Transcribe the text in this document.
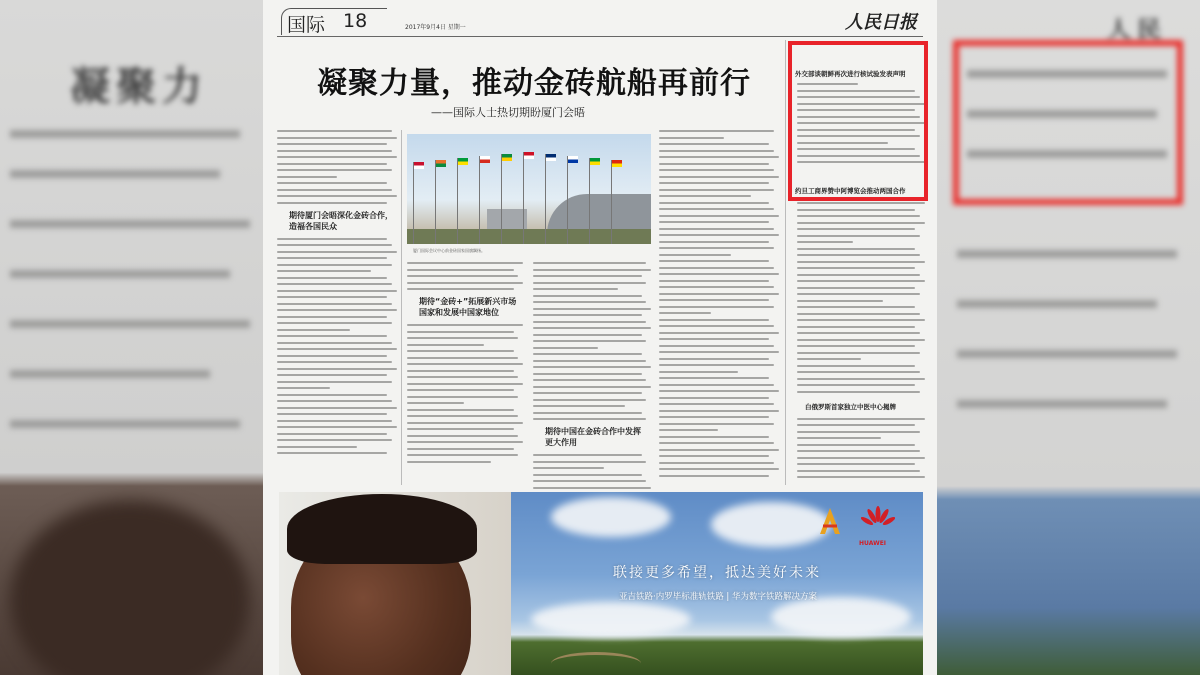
凝聚力
人民
国际 18	2017年9月4日 星期一	人民日报
凝聚力量，推动金砖航船再前行
——国际人士热切期盼厦门会晤
期待厦门会晤深化金砖合作，造福各国民众
厦门国际会议中心前金砖国家国旗飘扬。
期待“金砖+”拓展新兴市场国家和发展中国家地位
期待中国在金砖合作中发挥更大作用
外交部谈朝鲜再次进行核试验发表声明
约旦工商界赞中阿博览会推动两国合作
白俄罗斯首家独立中医中心揭牌
HUAWEI
联接更多希望，抵达美好未来
亚吉铁路·内罗毕标准轨铁路 | 华为数字铁路解决方案
